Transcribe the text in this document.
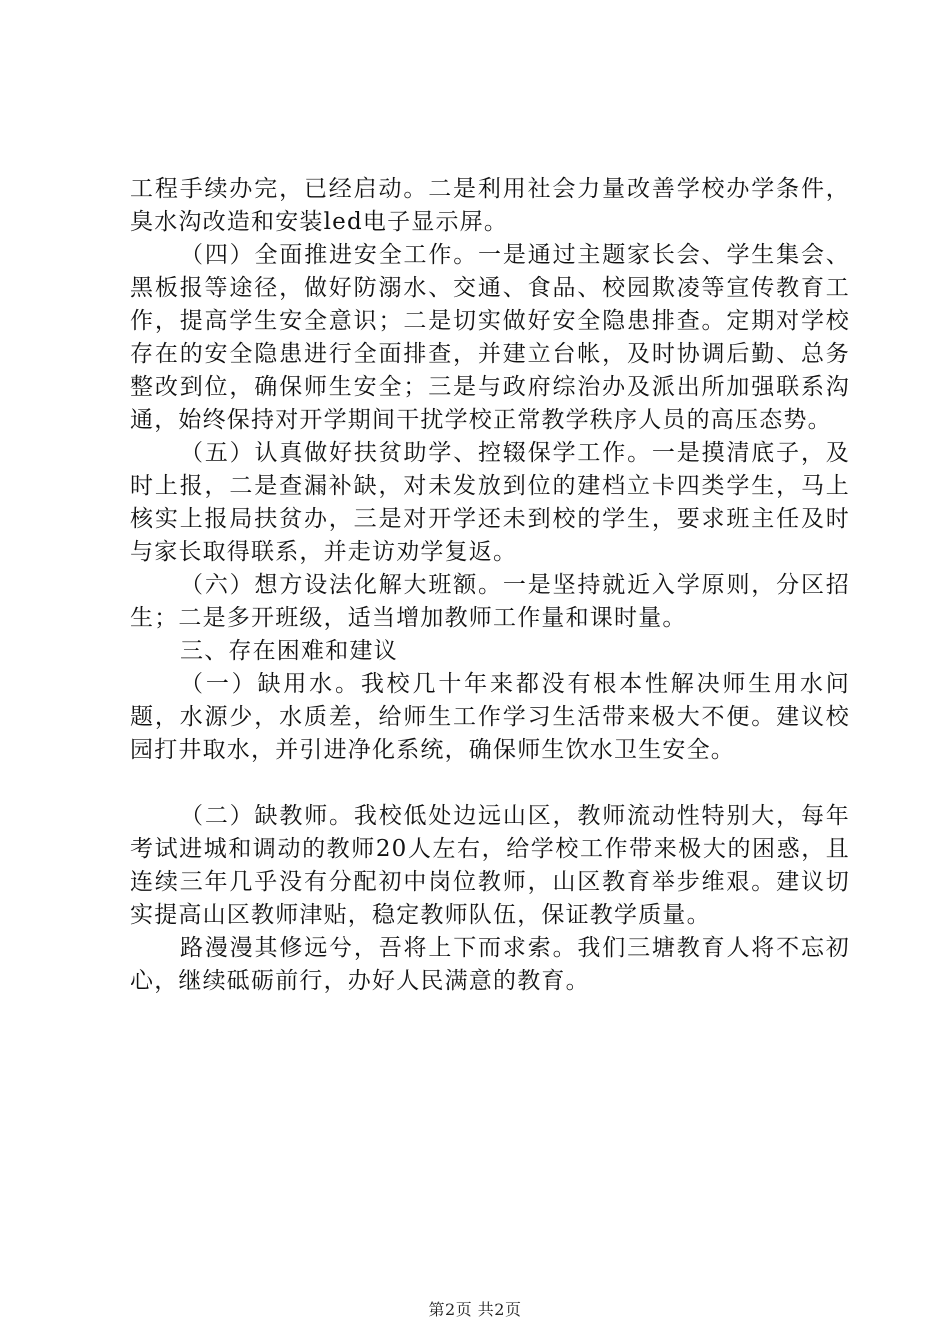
工程手续办完，已经启动。二是利用社会力量改善学校办学条件，臭水沟改造和安装led电子显示屏。

（四）全面推进安全工作。一是通过主题家长会、学生集会、黑板报等途径，做好防溺水、交通、食品、校园欺凌等宣传教育工作，提高学生安全意识；二是切实做好安全隐患排查。定期对学校存在的安全隐患进行全面排查，并建立台帐，及时协调后勤、总务整改到位，确保师生安全；三是与政府综治办及派出所加强联系沟通，始终保持对开学期间干扰学校正常教学秩序人员的高压态势。

（五）认真做好扶贫助学、控辍保学工作。一是摸清底子，及时上报，二是查漏补缺，对未发放到位的建档立卡四类学生，马上核实上报局扶贫办，三是对开学还未到校的学生，要求班主任及时与家长取得联系，并走访劝学复返。

（六）想方设法化解大班额。一是坚持就近入学原则，分区招生；二是多开班级，适当增加教师工作量和课时量。

三、存在困难和建议

（一）缺用水。我校几十年来都没有根本性解决师生用水问题，水源少，水质差，给师生工作学习生活带来极大不便。建议校园打井取水，并引进净化系统，确保师生饮水卫生安全。

（二）缺教师。我校低处边远山区，教师流动性特别大，每年考试进城和调动的教师20人左右，给学校工作带来极大的困惑，且连续三年几乎没有分配初中岗位教师，山区教育举步维艰。建议切实提高山区教师津贴，稳定教师队伍，保证教学质量。

路漫漫其修远兮，吾将上下而求索。我们三塘教育人将不忘初心，继续砥砺前行，办好人民满意的教育。

第2页 共2页
